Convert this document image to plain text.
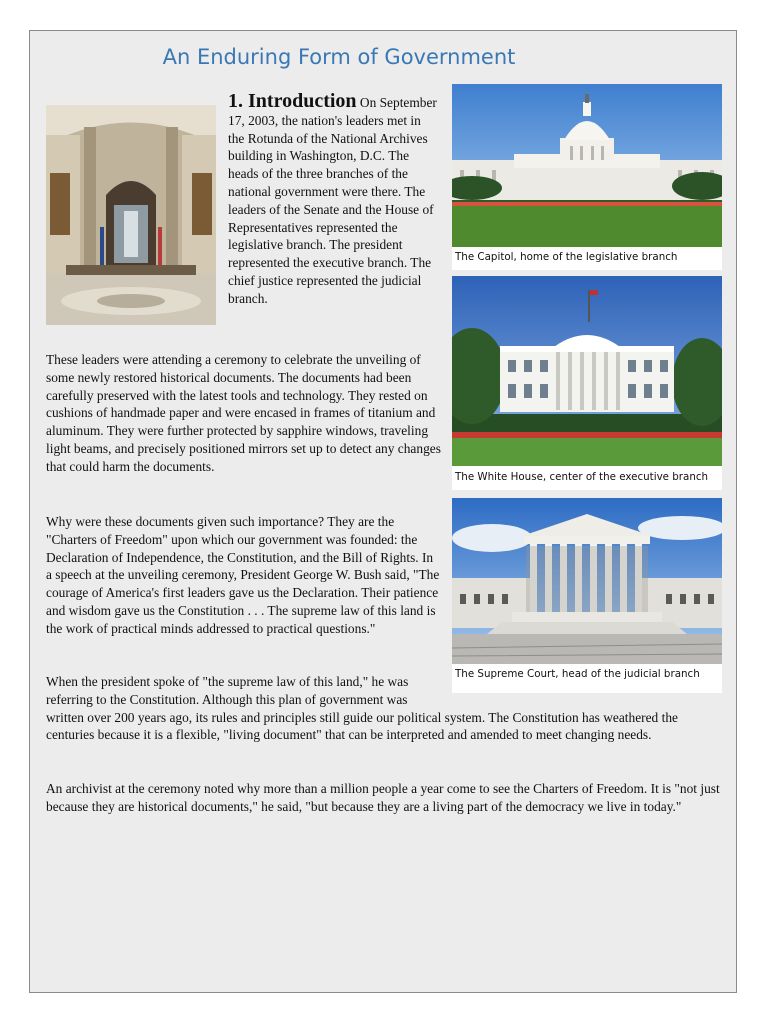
An Enduring Form of Government
1. Introduction On September 17, 2003, the nation's leaders met in the Rotunda of the National Archives building in Washington, D.C. The heads of the three branches of the national government were there. The leaders of the Senate and the House of Representatives represented the legislative branch. The president represented the executive branch. The chief justice represented the judicial branch.
These leaders were attending a ceremony to celebrate the unveiling of some newly restored historical documents. The documents had been carefully preserved with the latest tools and technology. They rested on cushions of handmade paper and were encased in frames of titanium and aluminum. They were further protected by sapphire windows, traveling light beams, and precisely positioned mirrors set up to detect any changes that could harm the documents.
Why were these documents given such importance? They are the "Charters of Freedom" upon which our government was founded: the Declaration of Independence, the Constitution, and the Bill of Rights. In a speech at the unveiling ceremony, President George W. Bush said, "The courage of America's first leaders gave us the Declaration. Their patience and wisdom gave us the Constitution . . . The supreme law of this land is the work of practical minds addressed to practical questions."
When the president spoke of "the supreme law of this land," he was referring to the Constitution. Although this plan of government was written over 200 years ago, its rules and principles still guide our political system. The Constitution has weathered the centuries because it is a flexible, "living document" that can be interpreted and amended to meet changing needs.
An archivist at the ceremony noted why more than a million people a year come to see the Charters of Freedom. It is "not just because they are historical documents," he said, "but because they are a living part of the democracy we live in today."
The Capitol, home of the legislative branch
The White House, center of the executive branch
The Supreme Court, head of the judicial branch
